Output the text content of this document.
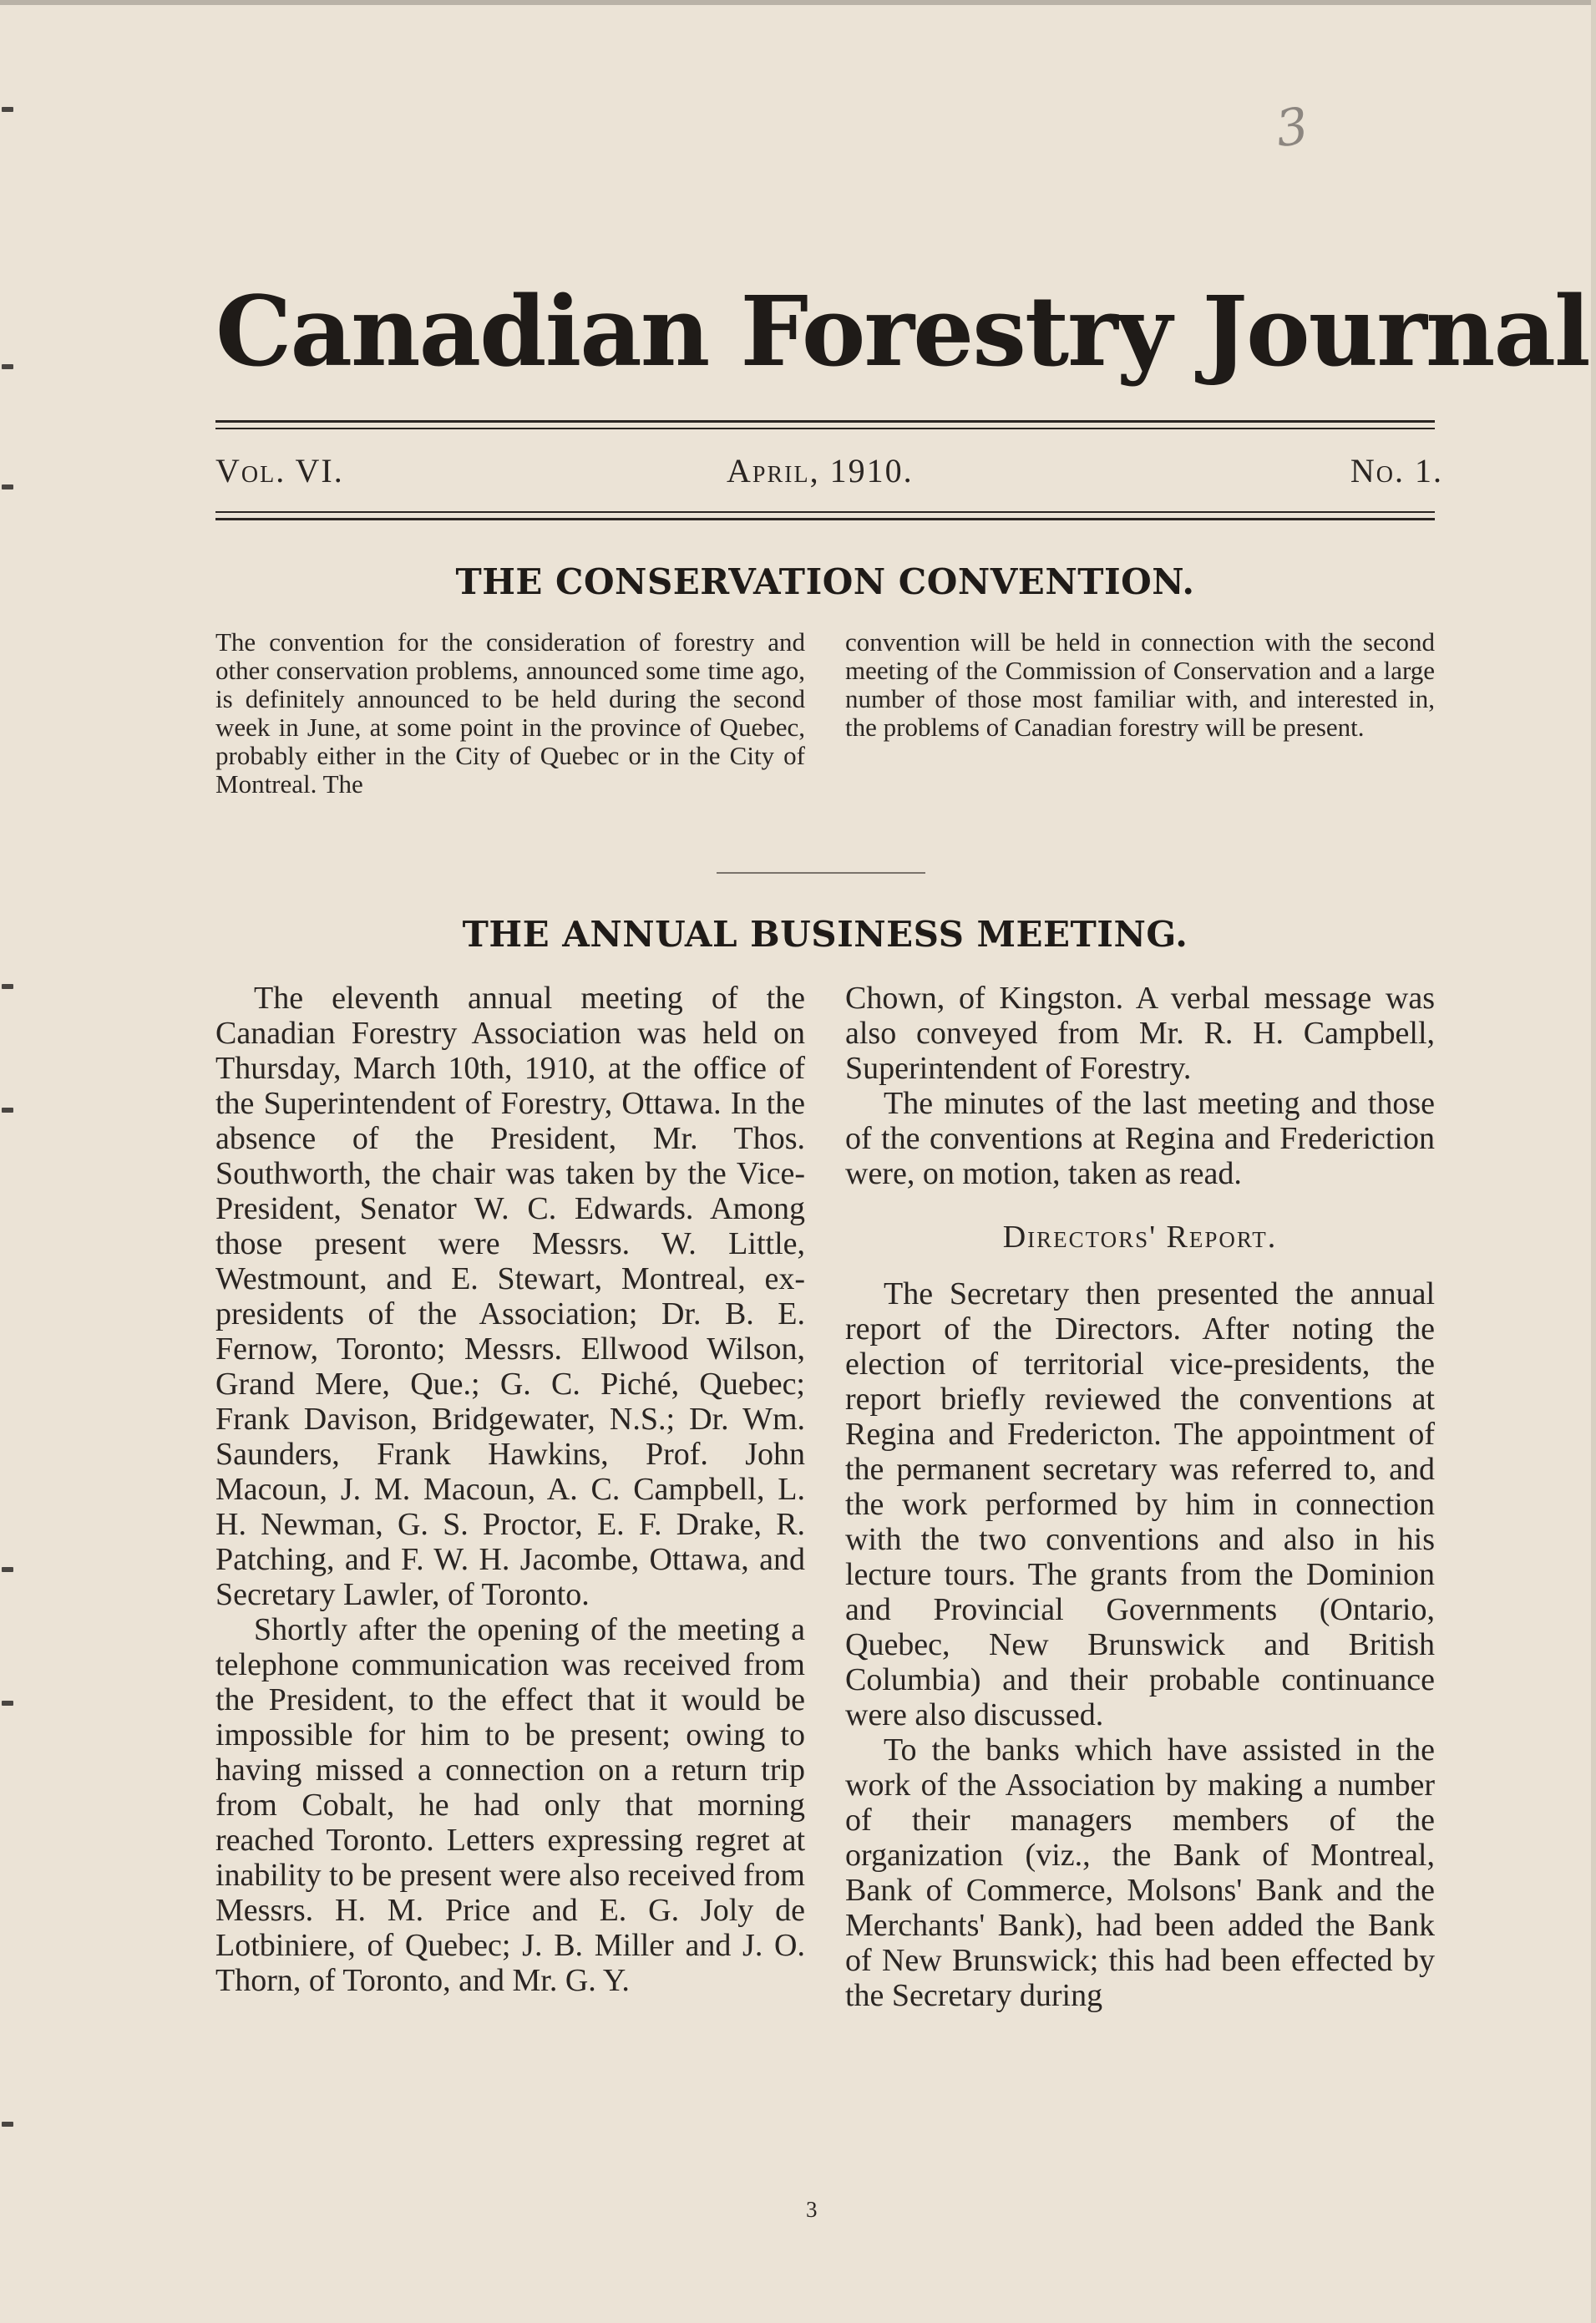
3
Canadian Forestry Journal
Vol. VI.	April, 1910.	No. 1.
THE CONSERVATION CONVENTION.

The convention for the consideration of forestry and other conservation problems, announced some time ago, is definitely announced to be held during the second week in June, at some point in the province of Quebec, probably either in the City of Quebec or in the City of Montreal. The

convention will be held in connection with the second meeting of the Commission of Conservation and a large number of those most familiar with, and interested in, the problems of Canadian forestry will be present.

THE ANNUAL BUSINESS MEETING.

The eleventh annual meeting of the Canadian Forestry Association was held on Thursday, March 10th, 1910, at the office of the Superintendent of Forestry, Ottawa. In the absence of the President, Mr. Thos. Southworth, the chair was taken by the Vice-President, Senator W. C. Edwards. Among those present were Messrs. W. Little, Westmount, and E. Stewart, Montreal, ex-presidents of the Association; Dr. B. E. Fernow, Toronto; Messrs. Ellwood Wilson, Grand Mere, Que.; G. C. Piché, Quebec; Frank Davison, Bridgewater, N.S.; Dr. Wm. Saunders, Frank Hawkins, Prof. John Macoun, J. M. Macoun, A. C. Campbell, L. H. Newman, G. S. Proctor, E. F. Drake, R. Patching, and F. W. H. Jacombe, Ottawa, and Secretary Lawler, of Toronto.

Shortly after the opening of the meeting a telephone communication was received from the President, to the effect that it would be impossible for him to be present; owing to having missed a connection on a return trip from Cobalt, he had only that morning reached Toronto. Letters expressing regret at inability to be present were also received from Messrs. H. M. Price and E. G. Joly de Lotbiniere, of Quebec; J. B. Miller and J. O. Thorn, of Toronto, and Mr. G. Y.

Chown, of Kingston. A verbal message was also conveyed from Mr. R. H. Campbell, Superintendent of Forestry.

The minutes of the last meeting and those of the conventions at Regina and Frederiction were, on motion, taken as read.

Directors' Report.

The Secretary then presented the annual report of the Directors. After noting the election of territorial vice-presidents, the report briefly reviewed the conventions at Regina and Fredericton. The appointment of the permanent secretary was referred to, and the work performed by him in connection with the two conventions and also in his lecture tours. The grants from the Dominion and Provincial Governments (Ontario, Quebec, New Brunswick and British Columbia) and their probable continuance were also discussed.

To the banks which have assisted in the work of the Association by making a number of their managers members of the organization (viz., the Bank of Montreal, Bank of Commerce, Molsons' Bank and the Merchants' Bank), had been added the Bank of New Brunswick; this had been effected by the Secretary during

3
